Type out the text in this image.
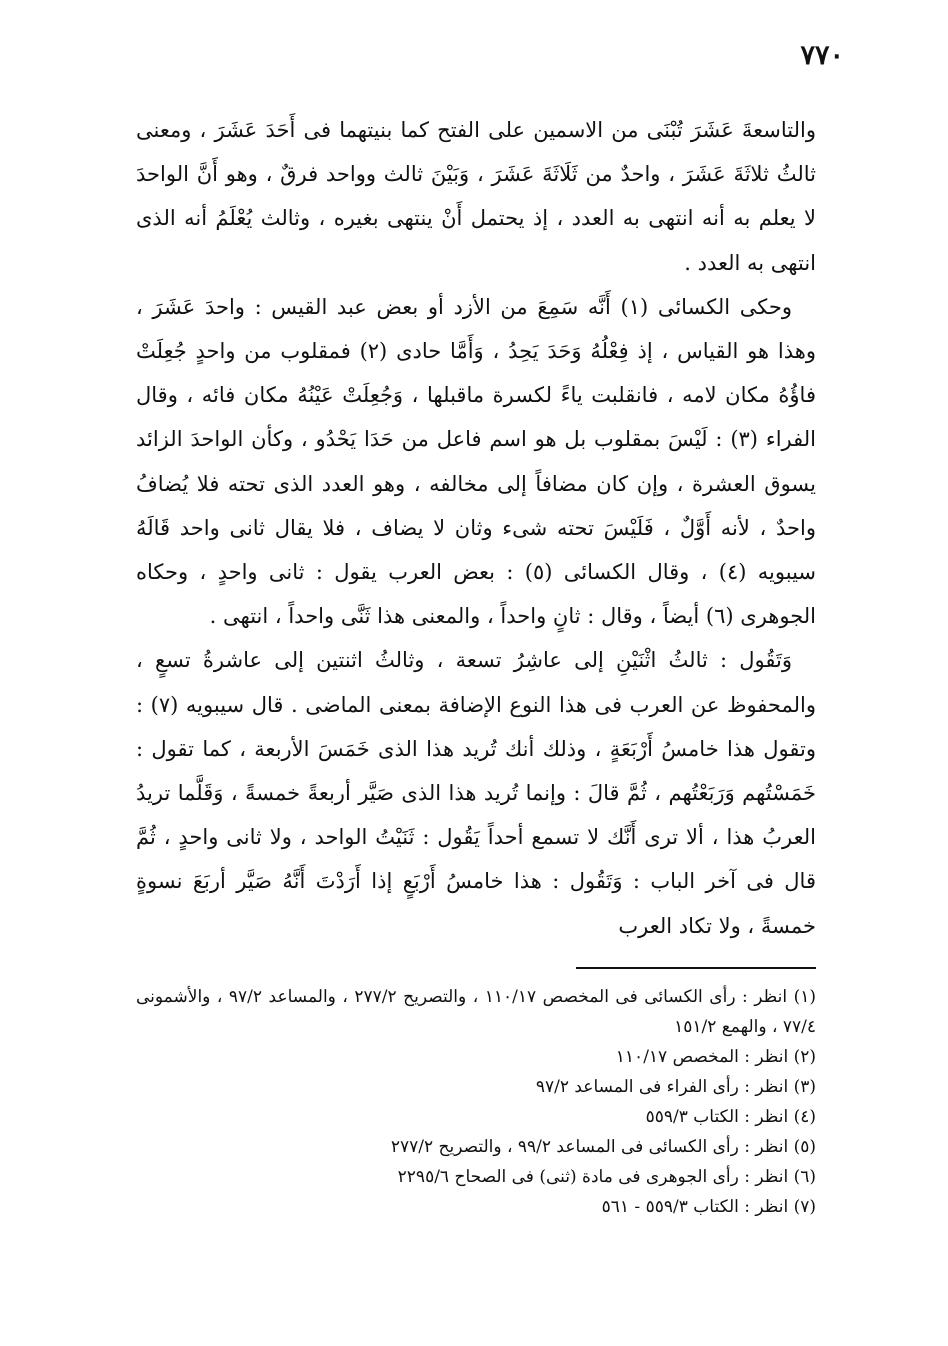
٧٧٠

والتاسعةَ عَشَرَ تُبْنَى من الاسمين على الفتح كما بنيتهما فى أَحَدَ عَشَرَ ، ومعنى ثالثُ ثلاثَةَ عَشَرَ ، واحدٌ من ثَلَاثَةَ عَشَرَ ، وَبَيْنَ ثالث وواحد فرقٌ ، وهو أَنَّ الواحدَ لا يعلم به أنه انتهى به العدد ، إذ يحتمل أَنْ ينتهى بغيره ، وثالث يُعْلَمُ أنه الذى انتهى به العدد .

وحكى الكسائى (١) أَنَّه سَمِعَ من الأزد أو بعض عبد القيس : واحدَ عَشَرَ ، وهذا هو القياس ، إذ فِعْلُهُ وَحَدَ يَحِدُ ، وَأَمَّا حادى (٢) فمقلوب من واحدٍ جُعِلَتْ فاؤُهُ مكان لامه ، فانقلبت ياءً لكسرة ماقبلها ، وَجُعِلَتْ عَيْنُهُ مكان فائه ، وقال الفراء (٣) : لَيْسَ بمقلوب بل هو اسم فاعل من حَدَا يَحْدُو ، وكأن الواحدَ الزائد يسوق العشرة ، وإن كان مضافاً إلى مخالفه ، وهو العدد الذى تحته فلا يُضافُ واحدٌ ، لأنه أَوَّلٌ ، فَلَيْسَ تحته شىء وثان لا يضاف ، فلا يقال ثانى واحد قَالَهُ سيبويه (٤) ، وقال الكسائى (٥) : بعض العرب يقول : ثانى واحدٍ ، وحكاه الجوهرى (٦) أيضاً ، وقال : ثانٍ واحداً ، والمعنى هذا ثَنَّى واحداً ، انتهى .

وَتَقُول : ثالثُ اثْنَيْنِ إلى عاشِرُ تسعة ، وثالثُ اثنتين إلى عاشرةُ تسعٍ ، والمحفوظ عن العرب فى هذا النوع الإضافة بمعنى الماضى . قال سيبويه (٧) : وتقول هذا خامسُ أَرْبَعَةٍ ، وذلك أنك تُريد هذا الذى خَمَسَ الأربعة ، كما تقول : خَمَسْتُهم وَرَبَعْتُهم ، ثُمَّ قالَ : وإنما تُريد هذا الذى صَيَّر أربعةً خمسةً ، وَقَلَّما تريدُ العربُ هذا ، ألا ترى أَنَّك لا تسمع أحداً يَقُول : ثَنَيْتُ الواحد ، ولا ثانى واحدٍ ، ثُمَّ قال فى آخر الباب : وَتَقُول : هذا خامسُ أَرْبَعٍ إذا أَرَدْتَ أَنَّهُ صَيَّر أربَعَ نسوةٍ خمسةً ، ولا تكاد العرب

(١) انظر : رأى الكسائى فى المخصص ١١٠/١٧ ، والتصريح ٢٧٧/٢ ، والمساعد ٩٧/٢ ، والأشمونى ٧٧/٤ ، والهمع ١٥١/٢

(٢) انظر : المخصص ١١٠/١٧

(٣) انظر : رأى الفراء فى المساعد ٩٧/٢

(٤) انظر : الكتاب ٥٥٩/٣

(٥) انظر : رأى الكسائى فى المساعد ٩٩/٢ ، والتصريح ٢٧٧/٢

(٦) انظر : رأى الجوهرى فى مادة (ثنى) فى الصحاح ٢٢٩٥/٦

(٧) انظر : الكتاب ٥٥٩/٣ - ٥٦١
